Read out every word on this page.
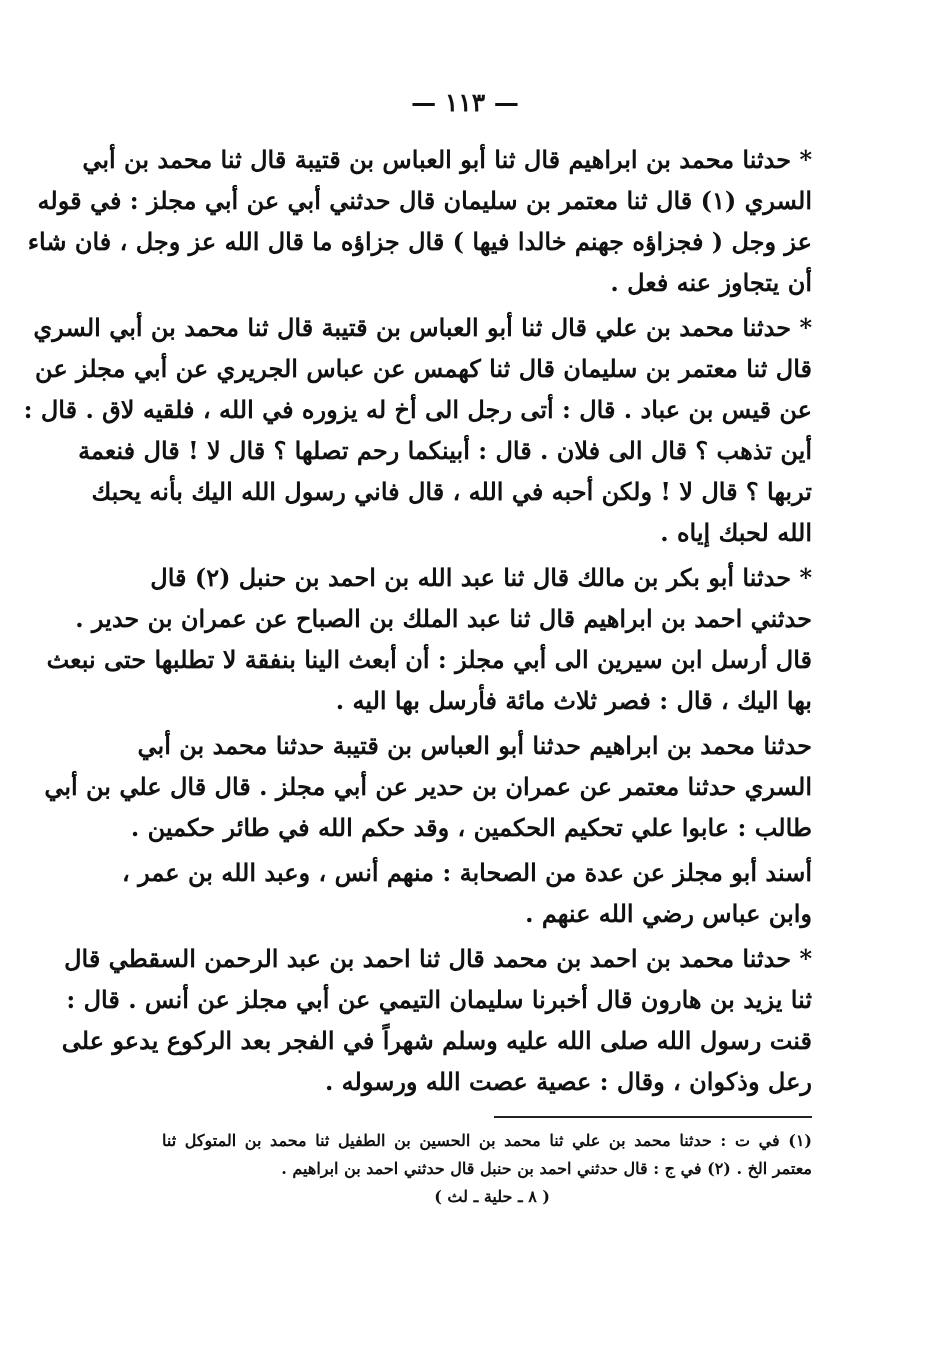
— ١١٣ —
* حدثنا محمد بن ابراهيم قال ثنا أبو العباس بن قتيبة قال ثنا محمد بن أبي
السري (١) قال ثنا معتمر بن سليمان قال حدثني أبي عن أبي مجلز : في قوله
عز وجل ( فجزاؤه جهنم خالدا فيها ) قال جزاؤه ما قال الله عز وجل ، فان شاء
أن يتجاوز عنه فعل .
* حدثنا محمد بن علي قال ثنا أبو العباس بن قتيبة قال ثنا محمد بن أبي السري
قال ثنا معتمر بن سليمان قال ثنا كهمس عن عباس الجريري عن أبي مجلز عن
عن قيس بن عباد . قال : أتى رجل الى أخ له يزوره في الله ، فلقيه لاق . قال :
أين تذهب ؟ قال الى فلان . قال : أبينكما رحم تصلها ؟ قال لا ! قال فنعمة
تربها ؟ قال لا ! ولكن أحبه في الله ، قال فاني رسول الله اليك بأنه يحبك
الله لحبك إياه .
* حدثنا أبو بكر بن مالك قال ثنا عبد الله بن احمد بن حنبل (٢) قال
حدثني احمد بن ابراهيم قال ثنا عبد الملك بن الصباح عن عمران بن حدير .
قال أرسل ابن سيرين الى أبي مجلز : أن أبعث الينا بنفقة لا تطلبها حتى نبعث
بها اليك ، قال : فصر ثلاث مائة فأرسل بها اليه .
حدثنا محمد بن ابراهيم حدثنا أبو العباس بن قتيبة حدثنا محمد بن أبي
السري حدثنا معتمر عن عمران بن حدير عن أبي مجلز . قال قال علي بن أبي
طالب : عابوا علي تحكيم الحكمين ، وقد حكم الله في طائر حكمين .
أسند أبو مجلز عن عدة من الصحابة : منهم أنس ، وعبد الله بن عمر ،
وابن عباس رضي الله عنهم .
* حدثنا محمد بن احمد بن محمد قال ثنا احمد بن عبد الرحمن السقطي قال
ثنا يزيد بن هارون قال أخبرنا سليمان التيمي عن أبي مجلز عن أنس . قال :
قنت رسول الله صلى الله عليه وسلم شهراً في الفجر بعد الركوع يدعو على
رعل وذكوان ، وقال : عصية عصت الله ورسوله .
(١) في ت : حدثنا محمد بن علي ثنا محمد بن الحسين بن الطفيل ثنا محمد بن المتوكل ثنا
معتمر الخ . (٢) في ج : قال حدثني احمد بن حنبل قال حدثني احمد بن ابراهيم .
( ٨ ـ حلية ـ لث )
